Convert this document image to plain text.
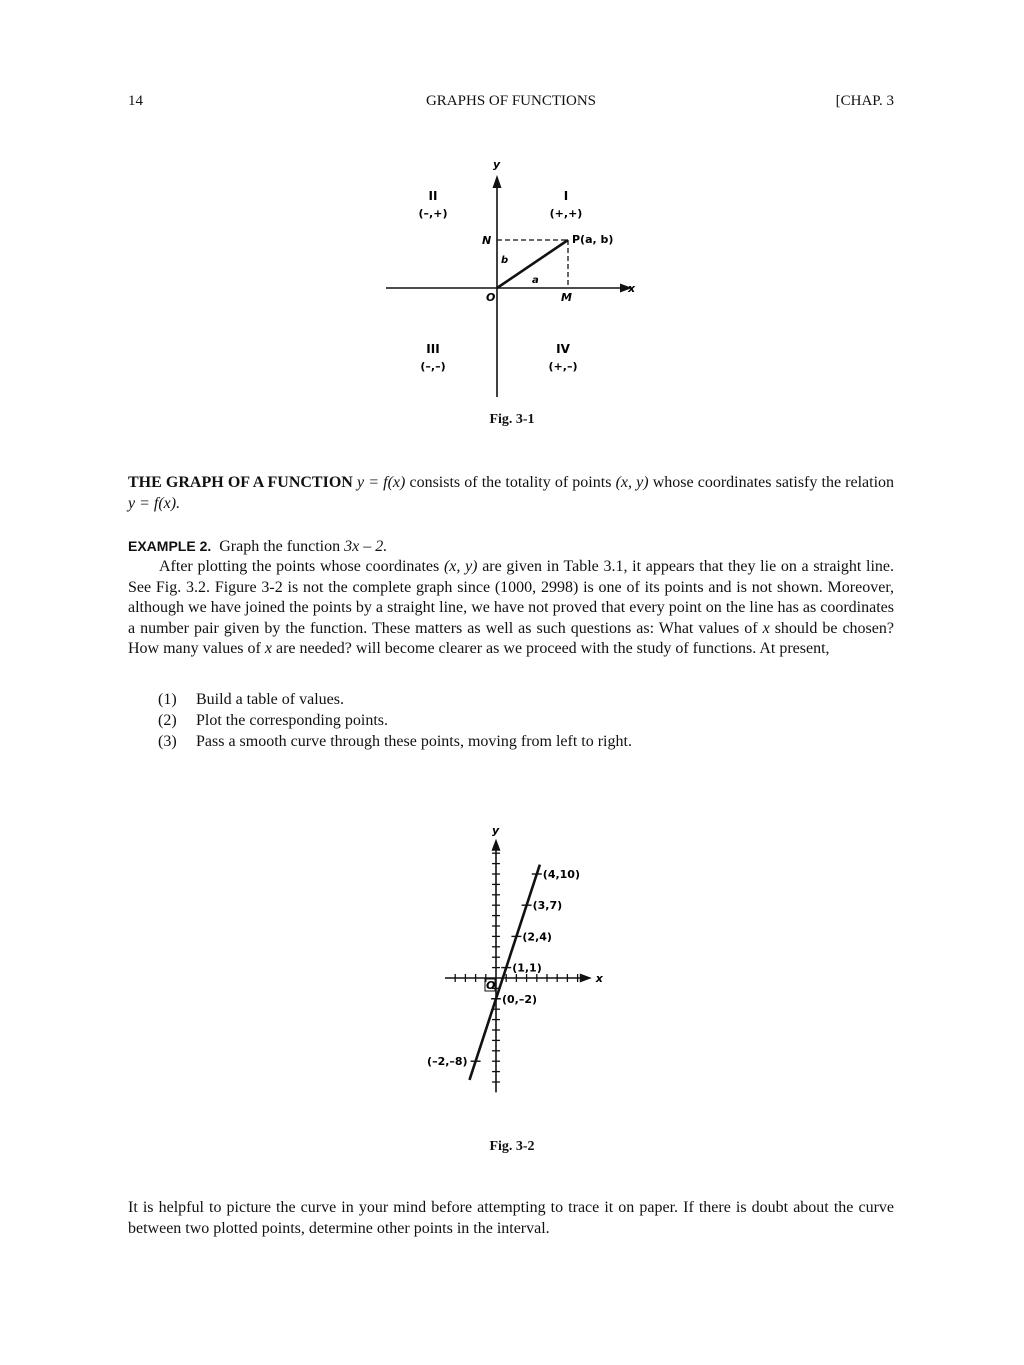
14	GRAPHS OF FUNCTIONS	[CHAP. 3
x
y
N	P(a, b)
b
a
O	M
II
(–,+)
I
(+,+)
III
(–,–)
IV
(+,–)
Fig. 3-1

THE GRAPH OF A FUNCTION y = f(x) consists of the totality of points (x, y) whose coordinates satisfy the relation y = f(x).

EXAMPLE 2. Graph the function 3x – 2.

After plotting the points whose coordinates (x, y) are given in Table 3.1, it appears that they lie on a straight line. See Fig. 3.2. Figure 3-2 is not the complete graph since (1000, 2998) is one of its points and is not shown. Moreover, although we have joined the points by a straight line, we have not proved that every point on the line has as coordinates a number pair given by the function. These matters as well as such questions as: What values of x should be chosen? How many values of x are needed? will become clearer as we proceed with the study of functions. At present,

(1)	Build a table of values.
(2)	Plot the corresponding points.
(3)	Pass a smooth curve through these points, moving from left to right.
x
y
O
(–2,–8)
(0,–2)
(1,1)
(2,4)
(3,7)
(4,10)
Fig. 3-2

It is helpful to picture the curve in your mind before attempting to trace it on paper. If there is doubt about the curve between two plotted points, determine other points in the interval.
